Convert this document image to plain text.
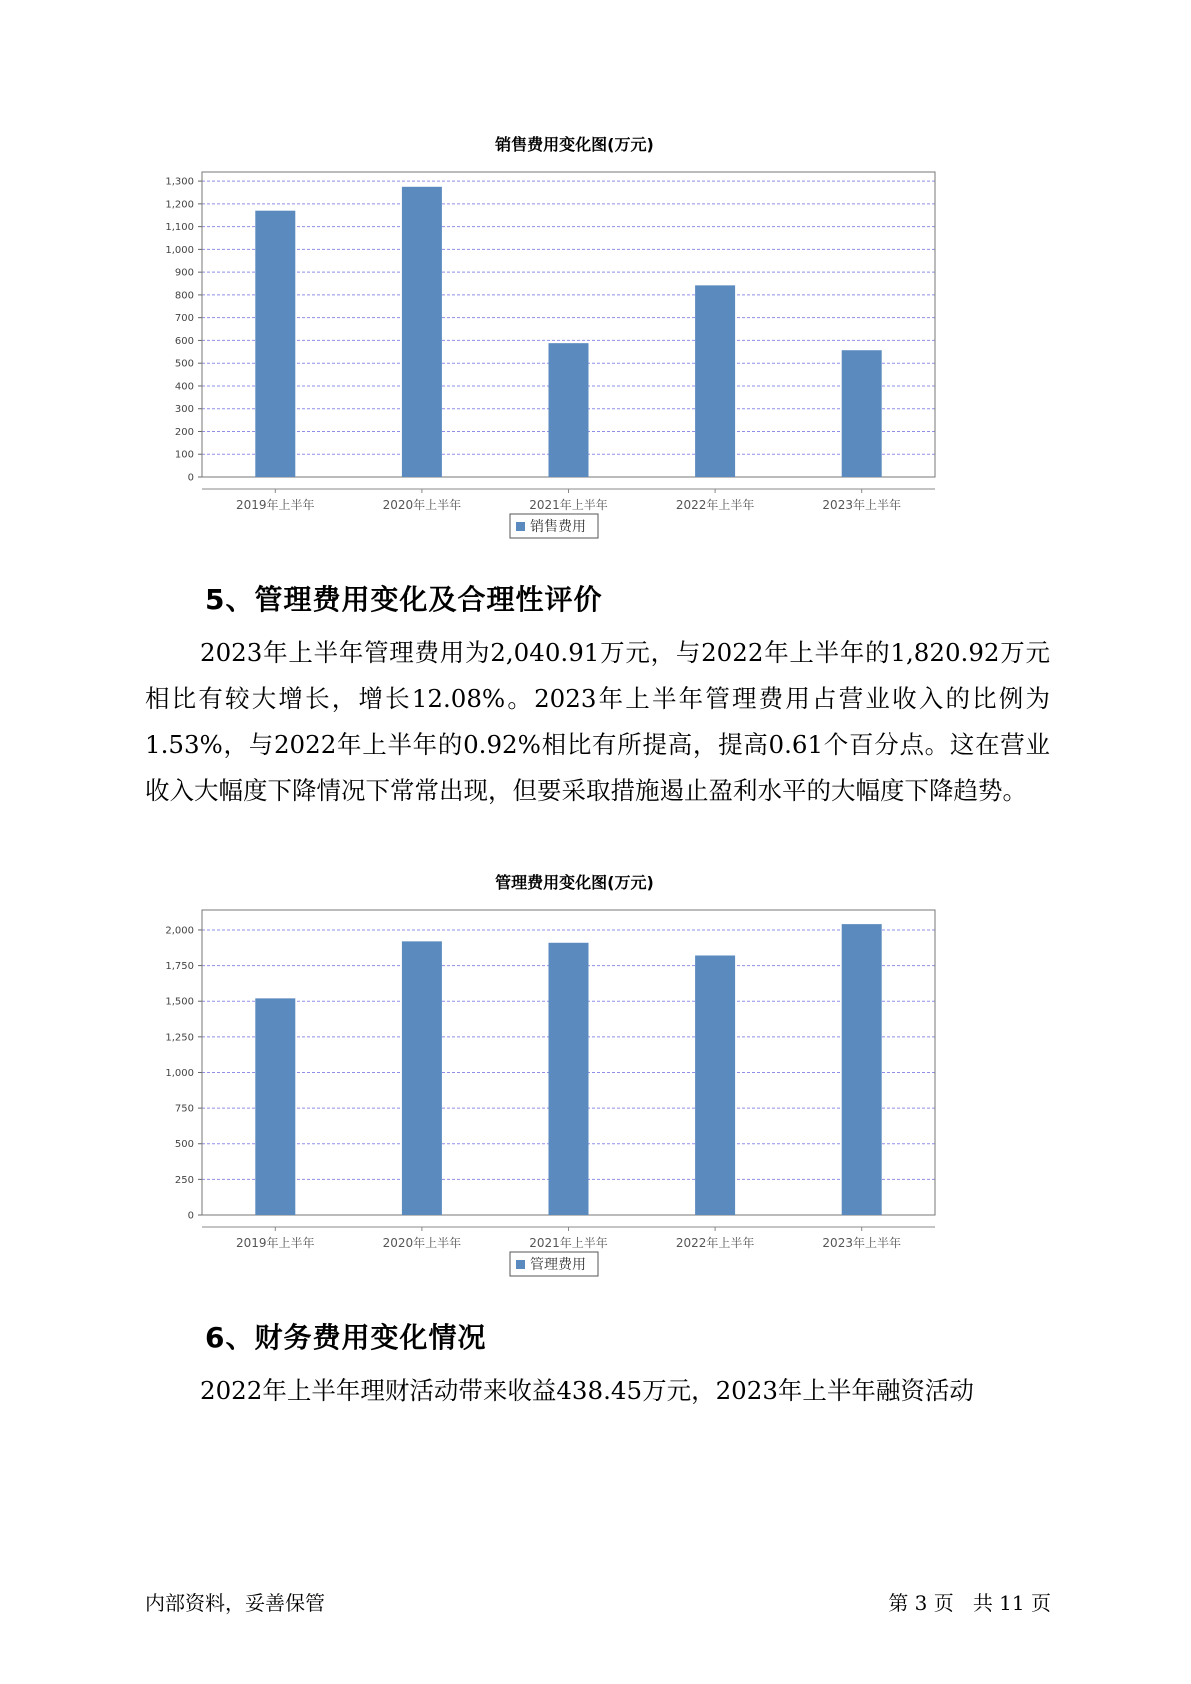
销售费用变化图(万元)
0
100
200
300
400
500
600
700
800
900
1,000
1,100
1,200
1,300
2019年上半年	2020年上半年	2021年上半年	2022年上半年	2023年上半年
销售费用
5、管理费用变化及合理性评价
2023年上半年管理费用为2,040.91万元，与2022年上半年的1,820.92万元相比有较大增长，增长12.08%。2023年上半年管理费用占营业收入的比例为1.53%，与2022年上半年的0.92%相比有所提高，提高0.61个百分点。这在营业收入大幅度下降情况下常常出现，但要采取措施遏止盈利水平的大幅度下降趋势。
管理费用变化图(万元)
0
250
500
750
1,000
1,250
1,500
1,750
2,000
2019年上半年	2020年上半年	2021年上半年	2022年上半年	2023年上半年
管理费用
6、财务费用变化情况
2022年上半年理财活动带来收益438.45万元，2023年上半年融资活动
内部资料，妥善保管	第 3 页   共 11 页
